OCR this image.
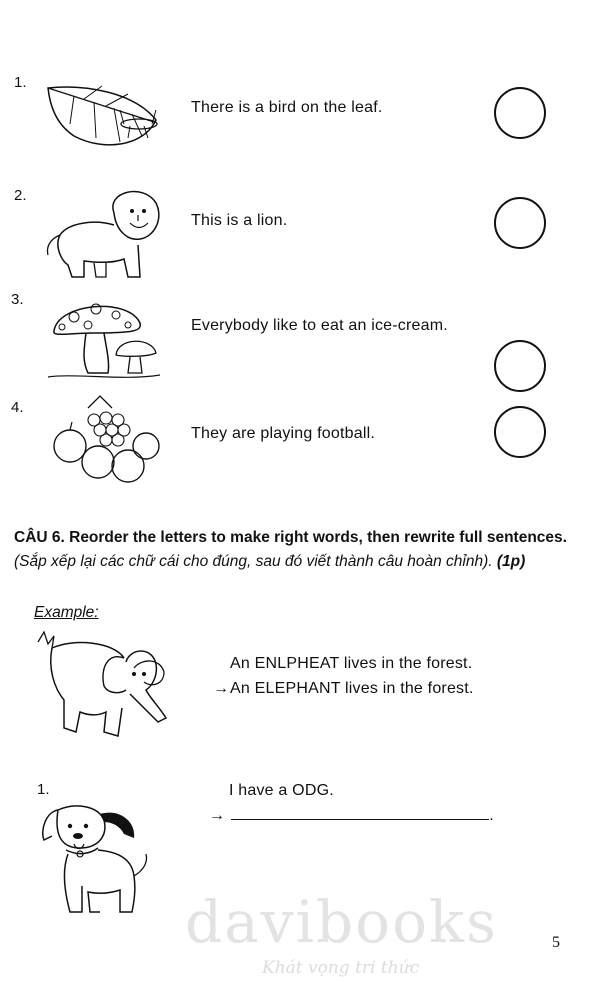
1.
There is a bird on the leaf.
2.
This is a lion.
3.
Everybody like to eat an ice-cream.
4.
They are playing football.
CÂU 6. Reorder the letters to make right words, then rewrite full sentences. (Sắp xếp lại các chữ cái cho đúng, sau đó viết thành câu hoàn chỉnh). (1p)
Example:
An ENLPHEAT lives in the forest.
→ An ELEPHANT lives in the forest.
1.	I have a ODG.
→	.
davibooks
Khát vọng tri thức
5
